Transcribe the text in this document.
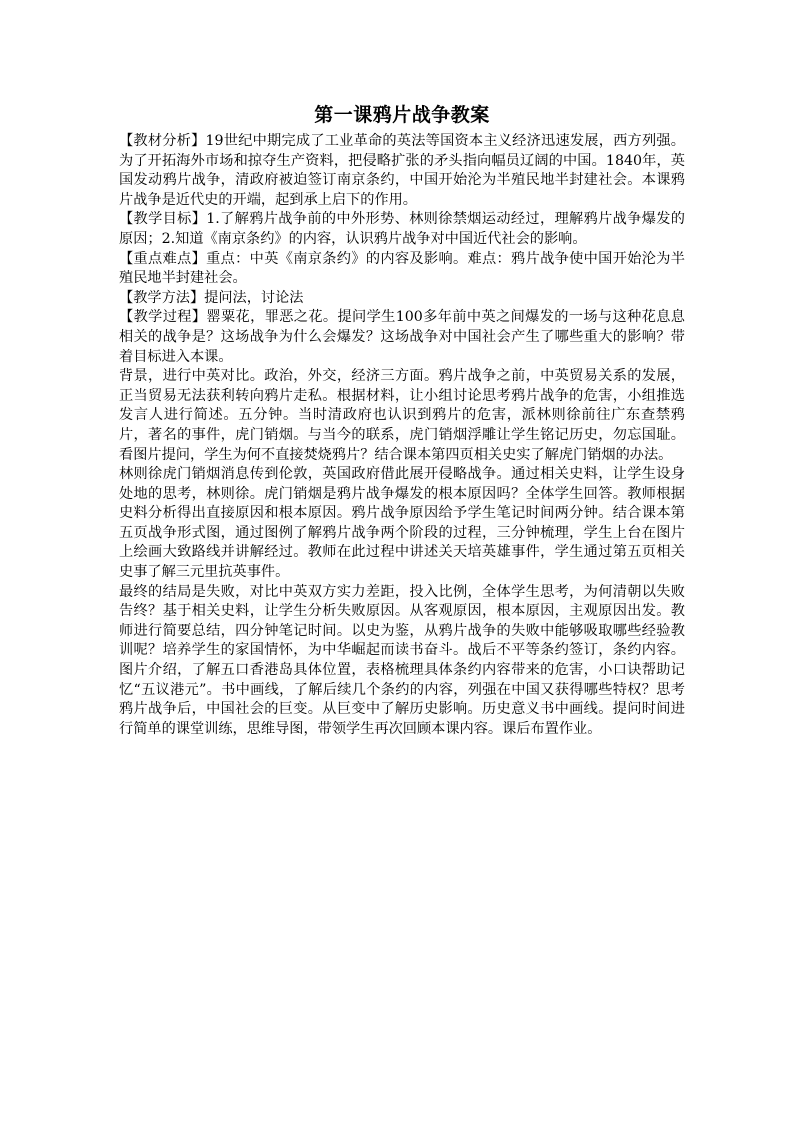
第一课鸦片战争教案

【教材分析】19世纪中期完成了工业革命的英法等国资本主义经济迅速发展，西方列强。为了开拓海外市场和掠夺生产资料，把侵略扩张的矛头指向幅员辽阔的中国。1840年，英国发动鸦片战争，清政府被迫签订南京条约，中国开始沦为半殖民地半封建社会。本课鸦片战争是近代史的开端，起到承上启下的作用。

【教学目标】1.了解鸦片战争前的中外形势、林则徐禁烟运动经过，理解鸦片战争爆发的原因；2.知道《南京条约》的内容，认识鸦片战争对中国近代社会的影响。

【重点难点】重点：中英《南京条约》的内容及影响。难点：鸦片战争使中国开始沦为半殖民地半封建社会。

【教学方法】提问法，讨论法

【教学过程】罂粟花，罪恶之花。提问学生100多年前中英之间爆发的一场与这种花息息相关的战争是？这场战争为什么会爆发？这场战争对中国社会产生了哪些重大的影响？带着目标进入本课。

背景，进行中英对比。政治，外交，经济三方面。鸦片战争之前，中英贸易关系的发展，正当贸易无法获利转向鸦片走私。根据材料，让小组讨论思考鸦片战争的危害，小组推选发言人进行简述。五分钟。当时清政府也认识到鸦片的危害，派林则徐前往广东查禁鸦片，著名的事件，虎门销烟。与当今的联系，虎门销烟浮雕让学生铭记历史，勿忘国耻。看图片提问，学生为何不直接焚烧鸦片？结合课本第四页相关史实了解虎门销烟的办法。

林则徐虎门销烟消息传到伦敦，英国政府借此展开侵略战争。通过相关史料，让学生设身处地的思考，林则徐。虎门销烟是鸦片战争爆发的根本原因吗？全体学生回答。教师根据史料分析得出直接原因和根本原因。鸦片战争原因给予学生笔记时间两分钟。结合课本第五页战争形式图，通过图例了解鸦片战争两个阶段的过程，三分钟梳理，学生上台在图片上绘画大致路线并讲解经过。教师在此过程中讲述关天培英雄事件，学生通过第五页相关史事了解三元里抗英事件。

最终的结局是失败，对比中英双方实力差距，投入比例，全体学生思考，为何清朝以失败告终？基于相关史料，让学生分析失败原因。从客观原因，根本原因，主观原因出发。教师进行简要总结，四分钟笔记时间。以史为鉴，从鸦片战争的失败中能够吸取哪些经验教训呢？培养学生的家国情怀，为中华崛起而读书奋斗。战后不平等条约签订，条约内容。图片介绍，了解五口香港岛具体位置，表格梳理具体条约内容带来的危害，小口诀帮助记忆“五议港元”。书中画线，了解后续几个条约的内容，列强在中国又获得哪些特权？思考鸦片战争后，中国社会的巨变。从巨变中了解历史影响。历史意义书中画线。提问时间进行简单的课堂训练，思维导图，带领学生再次回顾本课内容。课后布置作业。
